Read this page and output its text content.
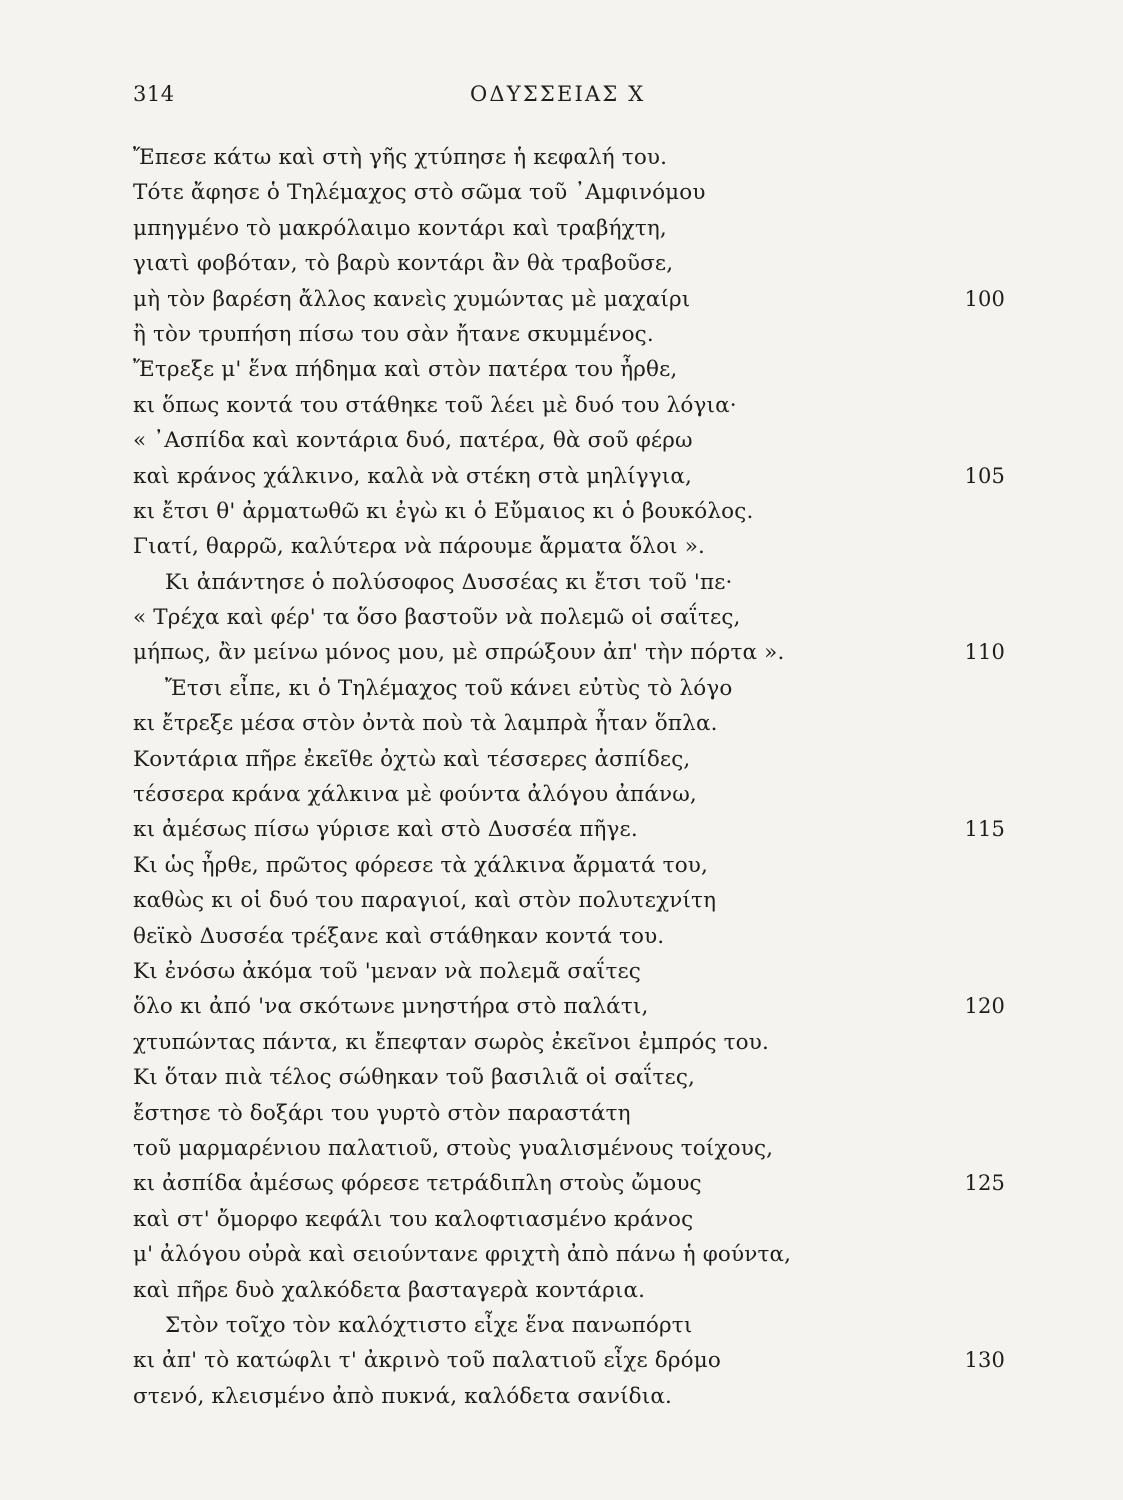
314	ΟΔΥΣΣΕΙΑΣ Χ
Ἔπεσε κάτω καὶ στὴ γῆς χτύπησε ἡ κεφαλή του.
Τότε ἄφησε ὁ Τηλέμαχος στὸ σῶμα τοῦ ᾿Αμφινόμου
μπηγμένο τὸ μακρόλαιμο κοντάρι καὶ τραβήχτη,
γιατὶ φοβόταν, τὸ βαρὺ κοντάρι ἂν θὰ τραβοῦσε,
μὴ τὸν βαρέση ἄλλος κανεὶς χυμώντας μὲ μαχαίρι	100
ἢ τὸν τρυπήση πίσω του σὰν ἤτανε σκυμμένος.
Ἔτρεξε μ' ἕνα πήδημα καὶ στὸν πατέρα του ἦρθε,
κι ὅπως κοντά του στάθηκε τοῦ λέει μὲ δυό του λόγια·
« ᾿Ασπίδα καὶ κοντάρια δυό, πατέρα, θὰ σοῦ φέρω
καὶ κράνος χάλκινο, καλὰ νὰ στέκη στὰ μηλίγγια,	105
κι ἔτσι θ' ἀρματωθῶ κι ἐγὼ κι ὁ Εὔμαιος κι ὁ βουκόλος.
Γιατί, θαρρῶ, καλύτερα νὰ πάρουμε ἄρματα ὅλοι ».
Κι ἀπάντησε ὁ πολύσοφος Δυσσέας κι ἔτσι τοῦ 'πε·
« Τρέχα καὶ φέρ' τα ὅσο βαστοῦν νὰ πολεμῶ οἱ σαΐτες,
μήπως, ἂν μείνω μόνος μου, μὲ σπρώξουν ἀπ' τὴν πόρτα ».	110
Ἔτσι εἶπε, κι ὁ Τηλέμαχος τοῦ κάνει εὐτὺς τὸ λόγο
κι ἔτρεξε μέσα στὸν ὀντὰ ποὺ τὰ λαμπρὰ ἦταν ὅπλα.
Κοντάρια πῆρε ἐκεῖθε ὀχτὼ καὶ τέσσερες ἀσπίδες,
τέσσερα κράνα χάλκινα μὲ φούντα ἀλόγου ἀπάνω,
κι ἀμέσως πίσω γύρισε καὶ στὸ Δυσσέα πῆγε.	115
Κι ὡς ἦρθε, πρῶτος φόρεσε τὰ χάλκινα ἄρματά του,
καθὼς κι οἱ δυό του παραγιοί, καὶ στὸν πολυτεχνίτη
θεϊκὸ Δυσσέα τρέξανε καὶ στάθηκαν κοντά του.
Κι ἐνόσω ἀκόμα τοῦ 'μεναν νὰ πολεμᾶ σαΐτες
ὅλο κι ἀπό 'να σκότωνε μνηστήρα στὸ παλάτι,	120
χτυπώντας πάντα, κι ἔπεφταν σωρὸς ἐκεῖνοι ἐμπρός του.
Κι ὅταν πιὰ τέλος σώθηκαν τοῦ βασιλιᾶ οἱ σαΐτες,
ἔστησε τὸ δοξάρι του γυρτὸ στὸν παραστάτη
τοῦ μαρμαρένιου παλατιοῦ, στοὺς γυαλισμένους τοίχους,
κι ἀσπίδα ἀμέσως φόρεσε τετράδιπλη στοὺς ὤμους	125
καὶ στ' ὄμορφο κεφάλι του καλοφτιασμένο κράνος
μ' ἀλόγου οὐρὰ καὶ σειούντανε φριχτὴ ἀπὸ πάνω ἡ φούντα,
καὶ πῆρε δυὸ χαλκόδετα βασταγερὰ κοντάρια.
Στὸν τοῖχο τὸν καλόχτιστο εἶχε ἕνα πανωπόρτι
κι ἀπ' τὸ κατώφλι τ' ἀκρινὸ τοῦ παλατιοῦ εἶχε δρόμο	130
στενό, κλεισμένο ἀπὸ πυκνά, καλόδετα σανίδια.
